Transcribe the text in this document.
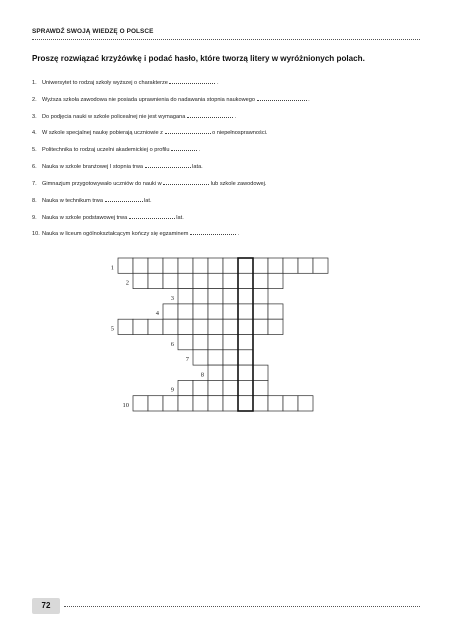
SPRAWDŹ SWOJĄ WIEDZĘ O POLSCE
Proszę rozwiązać krzyżówkę i podać hasło, które tworzą litery w wyróżnionych polach.
1. Uniwersytet to rodzaj szkoły wyższej o charakterze	.
2. Wyższa szkoła zawodowa nie posiada uprawnienia do nadawania stopnia naukowego	.
3. Do podjęcia nauki w szkole policealnej nie jest wymagana	.
4. W szkole specjalnej naukę pobierają uczniowie z	o niepełnosprawności.
5. Politechnika to rodzaj uczelni akademickiej o profilu	.
6. Nauka w szkole branżowej I stopnia trwa	lata.
7. Gimnazjum przygotowywało uczniów do nauki w	lub szkole zawodowej.
8. Nauka w technikum trwa	lat.
9. Nauka w szkole podstawowej trwa	lat.
10. Nauka w liceum ogólnokształcącym kończy się egzaminem	.
1
2
3
4
5
6
7
8
9
10
72
